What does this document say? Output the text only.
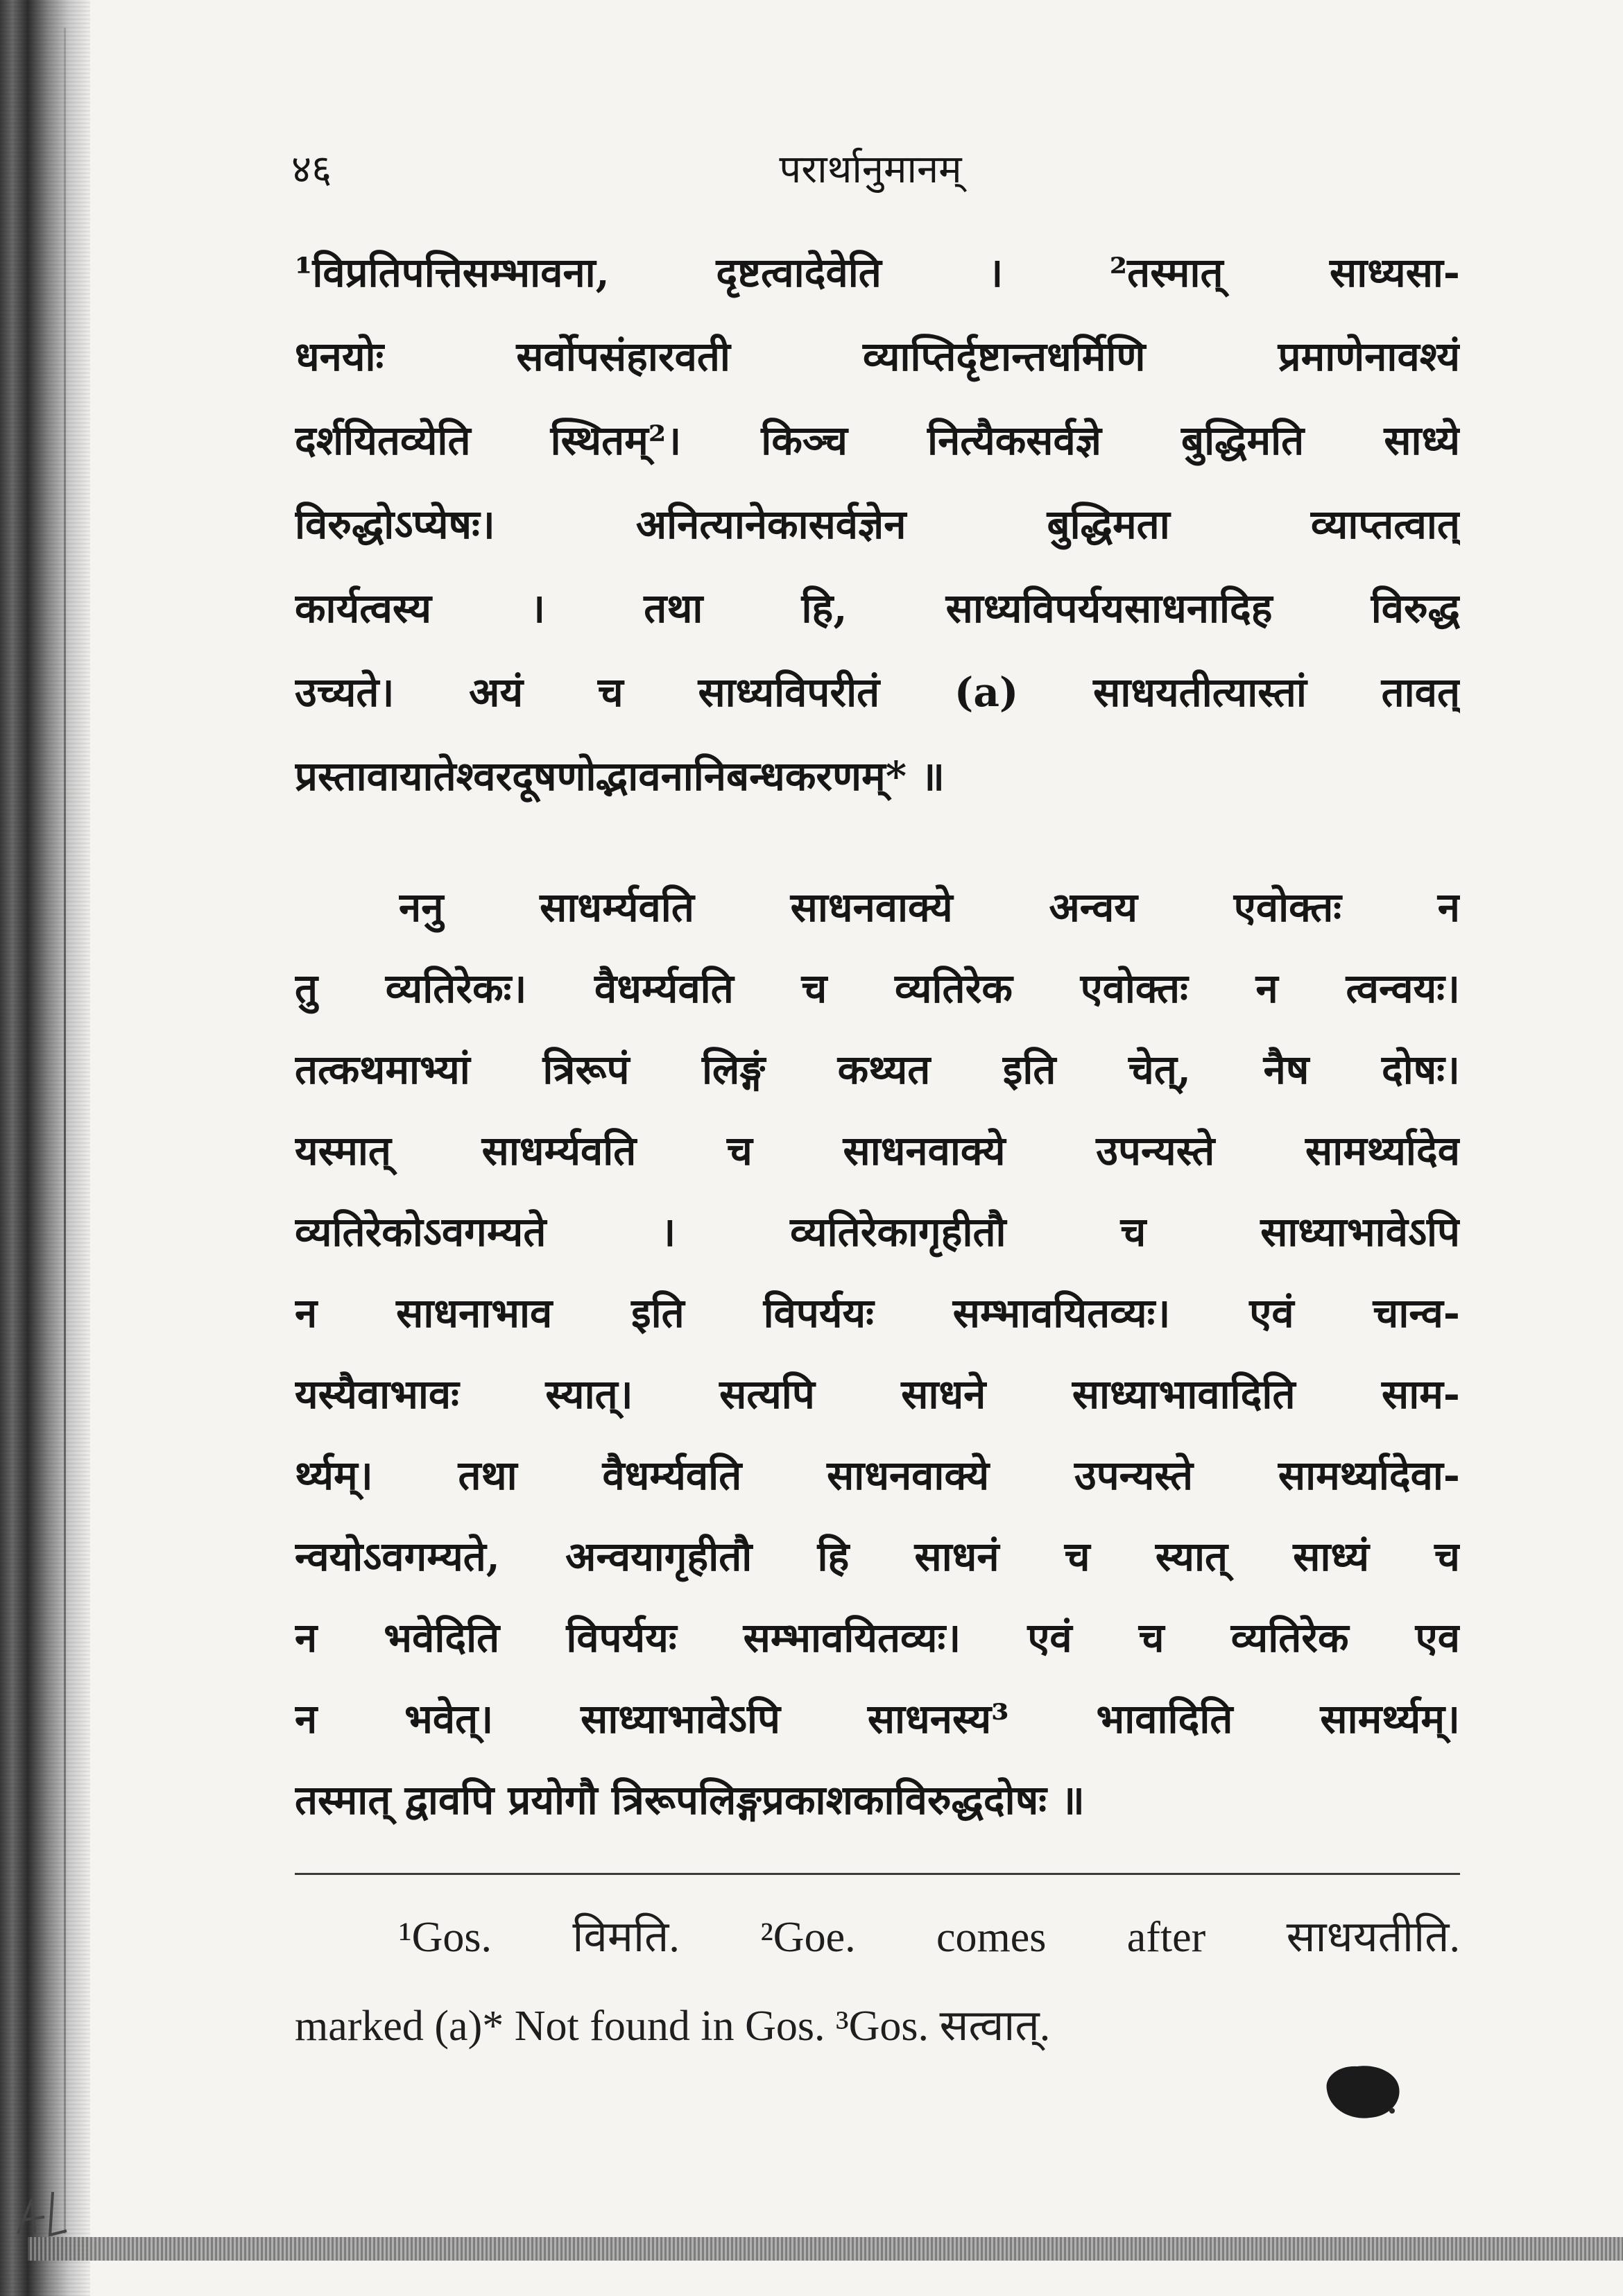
४६	परार्थानुमानम्
¹विप्रतिपत्तिसम्भावना, दृष्टत्वादेवेति । ²तस्मात् साध्यसा-
धनयोः सर्वोपसंहारवती व्याप्तिर्दृष्टान्तधर्मिणि प्रमाणेनावश्यं
दर्शयितव्येति स्थितम्²। किञ्च नित्यैकसर्वज्ञे बुद्धिमति साध्ये
विरुद्धोऽप्येषः। अनित्यानेकासर्वज्ञेन बुद्धिमता व्याप्तत्वात्
कार्यत्वस्य । तथा हि, साध्यविपर्ययसाधनादिह विरुद्ध
उच्यते। अयं च साध्यविपरीतं (a) साधयतीत्यास्तां तावत्
प्रस्तावायातेश्वरदूषणोद्भावनानिबन्धकरणम्* ॥
ननु साधर्म्यवति साधनवाक्ये अन्वय एवोक्तः न
तु व्यतिरेकः। वैधर्म्यवति च व्यतिरेक एवोक्तः न त्वन्वयः।
तत्कथमाभ्यां त्रिरूपं लिङ्गं कथ्यत इति चेत्, नैष दोषः।
यस्मात् साधर्म्यवति च साधनवाक्ये उपन्यस्ते सामर्थ्यादेव
व्यतिरेकोऽवगम्यते । व्यतिरेकागृहीतौ च साध्याभावेऽपि
न साधनाभाव इति विपर्ययः सम्भावयितव्यः। एवं चान्व-
यस्यैवाभावः स्यात्। सत्यपि साधने साध्याभावादिति साम-
र्थ्यम्। तथा वैधर्म्यवति साधनवाक्ये उपन्यस्ते सामर्थ्यादेवा-
न्वयोऽवगम्यते, अन्वयागृहीतौ हि साधनं च स्यात् साध्यं च
न भवेदिति विपर्ययः सम्भावयितव्यः। एवं च व्यतिरेक एव
न भवेत्। साध्याभावेऽपि साधनस्य³ भावादिति सामर्थ्यम्।
तस्मात् द्वावपि प्रयोगौ त्रिरूपलिङ्गप्रकाशकाविरुद्धदोषः ॥
¹Gos. विमति. ²Goe. comes after साधयतीति.
marked (a)* Not found in Gos. ³Gos. सत्वात्.
